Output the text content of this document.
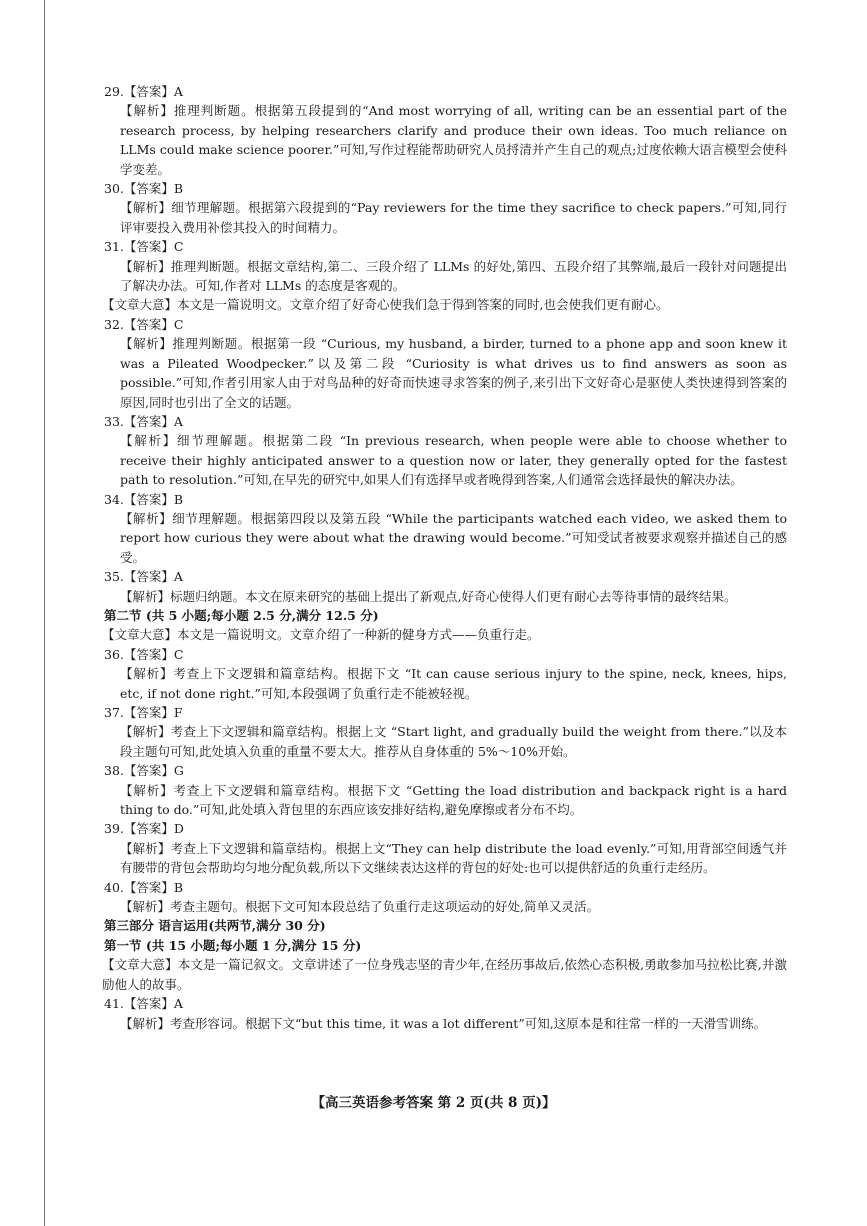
29.【答案】A

【解析】推理判断题。根据第五段提到的“And most worrying of all, writing can be an essential part of the research process, by helping researchers clarify and produce their own ideas. Too much reliance on LLMs could make science poorer.”可知,写作过程能帮助研究人员捋清并产生自己的观点;过度依赖大语言模型会使科学变差。

30.【答案】B

【解析】细节理解题。根据第六段提到的“Pay reviewers for the time they sacrifice to check papers.”可知,同行评审要投入费用补偿其投入的时间精力。

31.【答案】C

【解析】推理判断题。根据文章结构,第二、三段介绍了 LLMs 的好处,第四、五段介绍了其弊端,最后一段针对问题提出了解决办法。可知,作者对 LLMs 的态度是客观的。

【文章大意】本文是一篇说明文。文章介绍了好奇心使我们急于得到答案的同时,也会使我们更有耐心。

32.【答案】C

【解析】推理判断题。根据第一段 “Curious, my husband, a birder, turned to a phone app and soon knew it was a Pileated Woodpecker.”以及第二段 “Curiosity is what drives us to find answers as soon as possible.”可知,作者引用家人由于对鸟品种的好奇而快速寻求答案的例子,来引出下文好奇心是驱使人类快速得到答案的原因,同时也引出了全文的话题。

33.【答案】A

【解析】细节理解题。根据第二段 “In previous research, when people were able to choose whether to receive their highly anticipated answer to a question now or later, they generally opted for the fastest path to resolution.”可知,在早先的研究中,如果人们有选择早或者晚得到答案,人们通常会选择最快的解决办法。

34.【答案】B

【解析】细节理解题。根据第四段以及第五段 “While the participants watched each video, we asked them to report how curious they were about what the drawing would become.”可知受试者被要求观察并描述自己的感受。

35.【答案】A

【解析】标题归纳题。本文在原来研究的基础上提出了新观点,好奇心使得人们更有耐心去等待事情的最终结果。

第二节 (共 5 小题;每小题 2.5 分,满分 12.5 分)

【文章大意】本文是一篇说明文。文章介绍了一种新的健身方式——负重行走。

36.【答案】C

【解析】考查上下文逻辑和篇章结构。根据下文 “It can cause serious injury to the spine, neck, knees, hips, etc, if not done right.”可知,本段强调了负重行走不能被轻视。

37.【答案】F

【解析】考查上下文逻辑和篇章结构。根据上文 “Start light, and gradually build the weight from there.”以及本段主题句可知,此处填入负重的重量不要太大。推荐从自身体重的 5%～10%开始。

38.【答案】G

【解析】考查上下文逻辑和篇章结构。根据下文 “Getting the load distribution and backpack right is a hard thing to do.”可知,此处填入背包里的东西应该安排好结构,避免摩擦或者分布不均。

39.【答案】D

【解析】考查上下文逻辑和篇章结构。根据上文“They can help distribute the load evenly.”可知,用背部空间透气并有腰带的背包会帮助均匀地分配负载,所以下文继续表达这样的背包的好处:也可以提供舒适的负重行走经历。

40.【答案】B

【解析】考查主题句。根据下文可知本段总结了负重行走这项运动的好处,简单又灵活。

第三部分 语言运用(共两节,满分 30 分)

第一节 (共 15 小题;每小题 1 分,满分 15 分)

【文章大意】本文是一篇记叙文。文章讲述了一位身残志坚的青少年,在经历事故后,依然心态积极,勇敢参加马拉松比赛,并激励他人的故事。

41.【答案】A

【解析】考查形容词。根据下文“but this time, it was a lot different”可知,这原本是和往常一样的一天滑雪训练。

【高三英语参考答案 第 2 页(共 8 页)】
